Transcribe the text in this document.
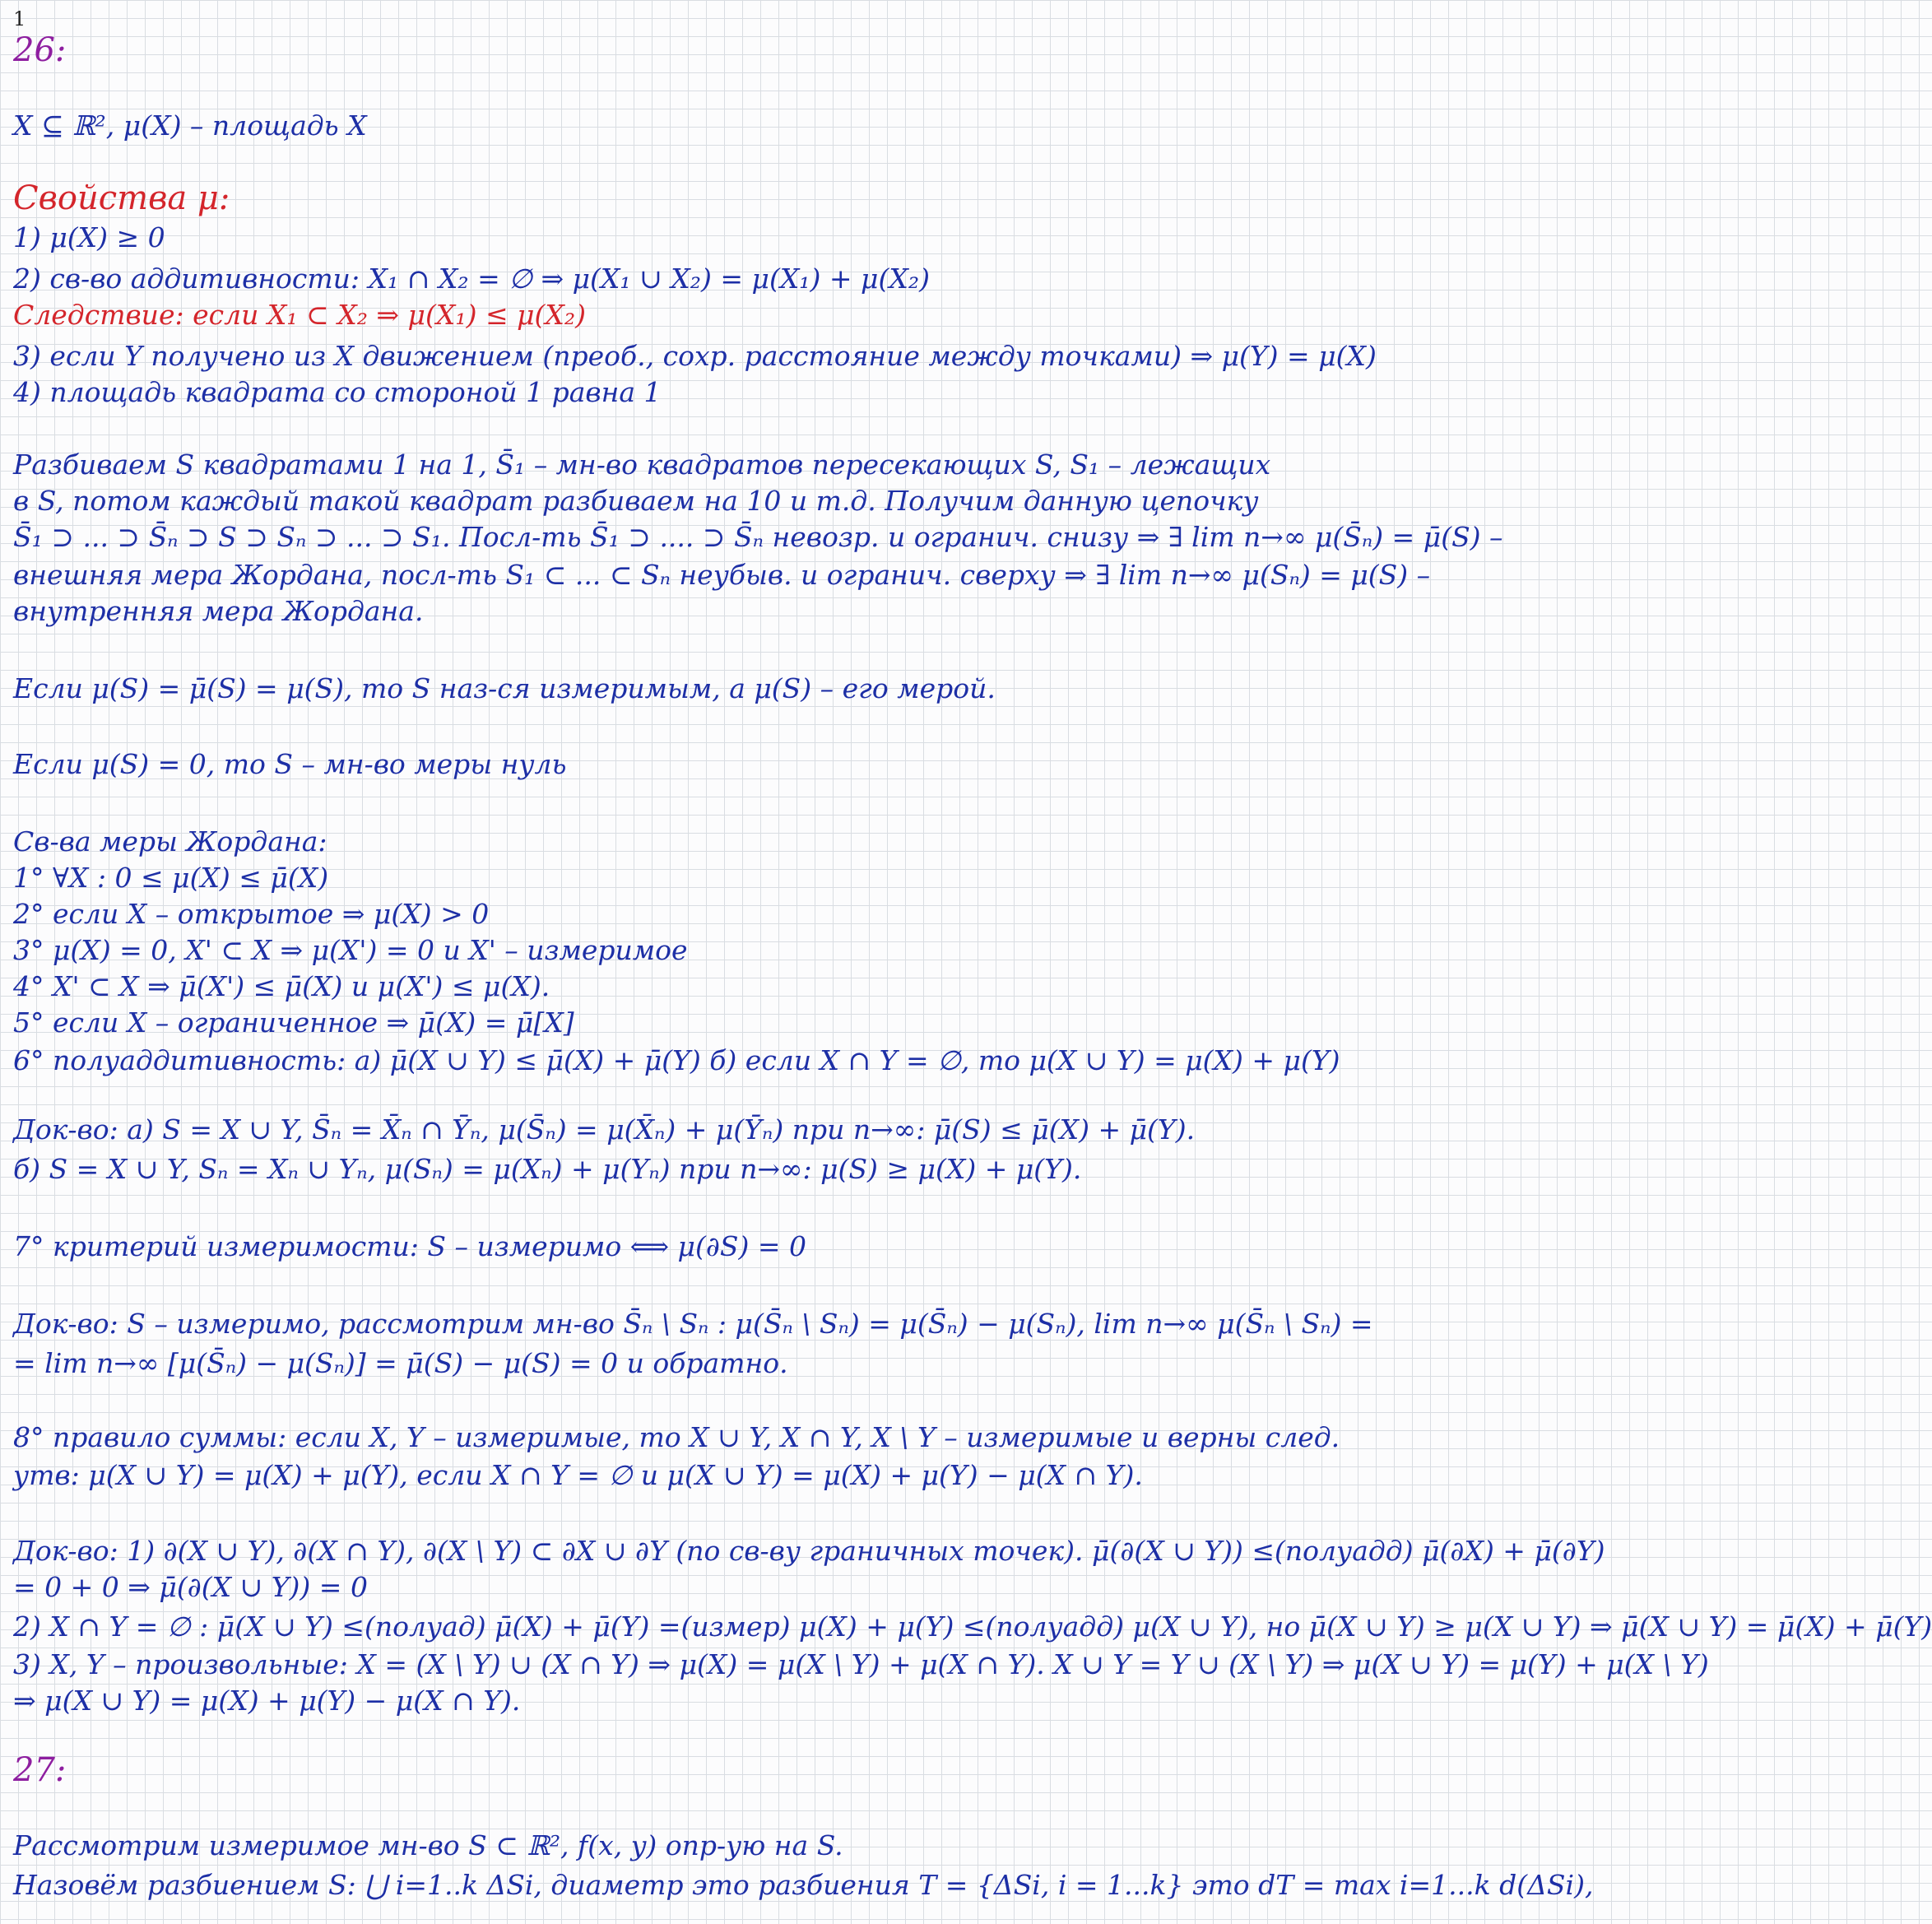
1
26:
X ⊆ ℝ², μ(X) – площадь X
Свойства μ:
1) μ(X) ≥ 0
2) св-во аддитивности: X₁ ∩ X₂ = ∅ ⇒ μ(X₁ ∪ X₂) = μ(X₁) + μ(X₂)
Следствие: если X₁ ⊂ X₂ ⇒ μ(X₁) ≤ μ(X₂)
3) если Y получено из X движением (преоб., сохр. расстояние между точками) ⇒ μ(Y) = μ(X)
4) площадь квадрата со стороной 1 равна 1
Разбиваем S квадратами 1 на 1, S̄₁ – мн-во квадратов пересекающих S, S₁ – лежащих
в S, потом каждый такой квадрат разбиваем на 10 и т.д. Получим данную цепочку
S̄₁ ⊃ ... ⊃ S̄ₙ ⊃ S ⊃ Sₙ ⊃ ... ⊃ S₁. Посл-ть S̄₁ ⊃ .... ⊃ S̄ₙ невозр. и огранич. снизу ⇒ ∃ lim n→∞ μ(S̄ₙ) = μ̄(S) –
внешняя мера Жордана, посл-ть S₁ ⊂ ... ⊂ Sₙ неубыв. и огранич. сверху ⇒ ∃ lim n→∞ μ(Sₙ) = μ(S) –
внутренняя мера Жордана.
Если μ(S) = μ̄(S) = μ(S), то S наз-ся измеримым, а μ(S) – его мерой.
Если μ(S) = 0, то S – мн-во меры нуль
Св-ва меры Жордана:
1° ∀X : 0 ≤ μ(X) ≤ μ̄(X)
2° если X – открытое ⇒ μ(X) > 0
3° μ(X) = 0, X' ⊂ X ⇒ μ(X') = 0 и X' – измеримое
4° X' ⊂ X ⇒ μ̄(X') ≤ μ̄(X) и μ(X') ≤ μ(X).
5° если X – ограниченное ⇒ μ̄(X) = μ̄[X]
6° полуаддитивность: а) μ̄(X ∪ Y) ≤ μ̄(X) + μ̄(Y) б) если X ∩ Y = ∅, то μ(X ∪ Y) = μ(X) + μ(Y)
Док-во: а) S = X ∪ Y, S̄ₙ = X̄ₙ ∩ Ȳₙ, μ(S̄ₙ) = μ(X̄ₙ) + μ(Ȳₙ) при n→∞: μ̄(S) ≤ μ̄(X) + μ̄(Y).
б) S = X ∪ Y, Sₙ = Xₙ ∪ Yₙ, μ(Sₙ) = μ(Xₙ) + μ(Yₙ) при n→∞: μ(S) ≥ μ(X) + μ(Y).
7° критерий измеримости: S – измеримо ⟺ μ(∂S) = 0
Док-во: S – измеримо, рассмотрим мн-во S̄ₙ \ Sₙ : μ(S̄ₙ \ Sₙ) = μ(S̄ₙ) − μ(Sₙ), lim n→∞ μ(S̄ₙ \ Sₙ) =
= lim n→∞ [μ(S̄ₙ) − μ(Sₙ)] = μ̄(S) − μ(S) = 0 и обратно.
8° правило суммы: если X, Y – измеримые, то X ∪ Y, X ∩ Y, X \ Y – измеримые и верны след.
утв: μ(X ∪ Y) = μ(X) + μ(Y), если X ∩ Y = ∅ и μ(X ∪ Y) = μ(X) + μ(Y) − μ(X ∩ Y).
Док-во: 1) ∂(X ∪ Y), ∂(X ∩ Y), ∂(X \ Y) ⊂ ∂X ∪ ∂Y (по св-ву граничных точек). μ̄(∂(X ∪ Y)) ≤(полуадд) μ̄(∂X) + μ̄(∂Y)
= 0 + 0 ⇒ μ̄(∂(X ∪ Y)) = 0
2) X ∩ Y = ∅ : μ̄(X ∪ Y) ≤(полуад) μ̄(X) + μ̄(Y) =(измер) μ(X) + μ(Y) ≤(полуадд) μ(X ∪ Y), но μ̄(X ∪ Y) ≥ μ(X ∪ Y) ⇒ μ̄(X ∪ Y) = μ̄(X) + μ̄(Y)
3) X, Y – произвольные: X = (X \ Y) ∪ (X ∩ Y) ⇒ μ(X) = μ(X \ Y) + μ(X ∩ Y). X ∪ Y = Y ∪ (X \ Y) ⇒ μ(X ∪ Y) = μ(Y) + μ(X \ Y)
⇒ μ(X ∪ Y) = μ(X) + μ(Y) − μ(X ∩ Y).
27:
Рассмотрим измеримое мн-во S ⊂ ℝ², f(x, y) опр-ую на S.
Назовём разбиением S: ⋃ i=1..k ΔSi, диаметр это разбиения T = {ΔSi, i = 1...k} это dT = max i=1...k d(ΔSi),
